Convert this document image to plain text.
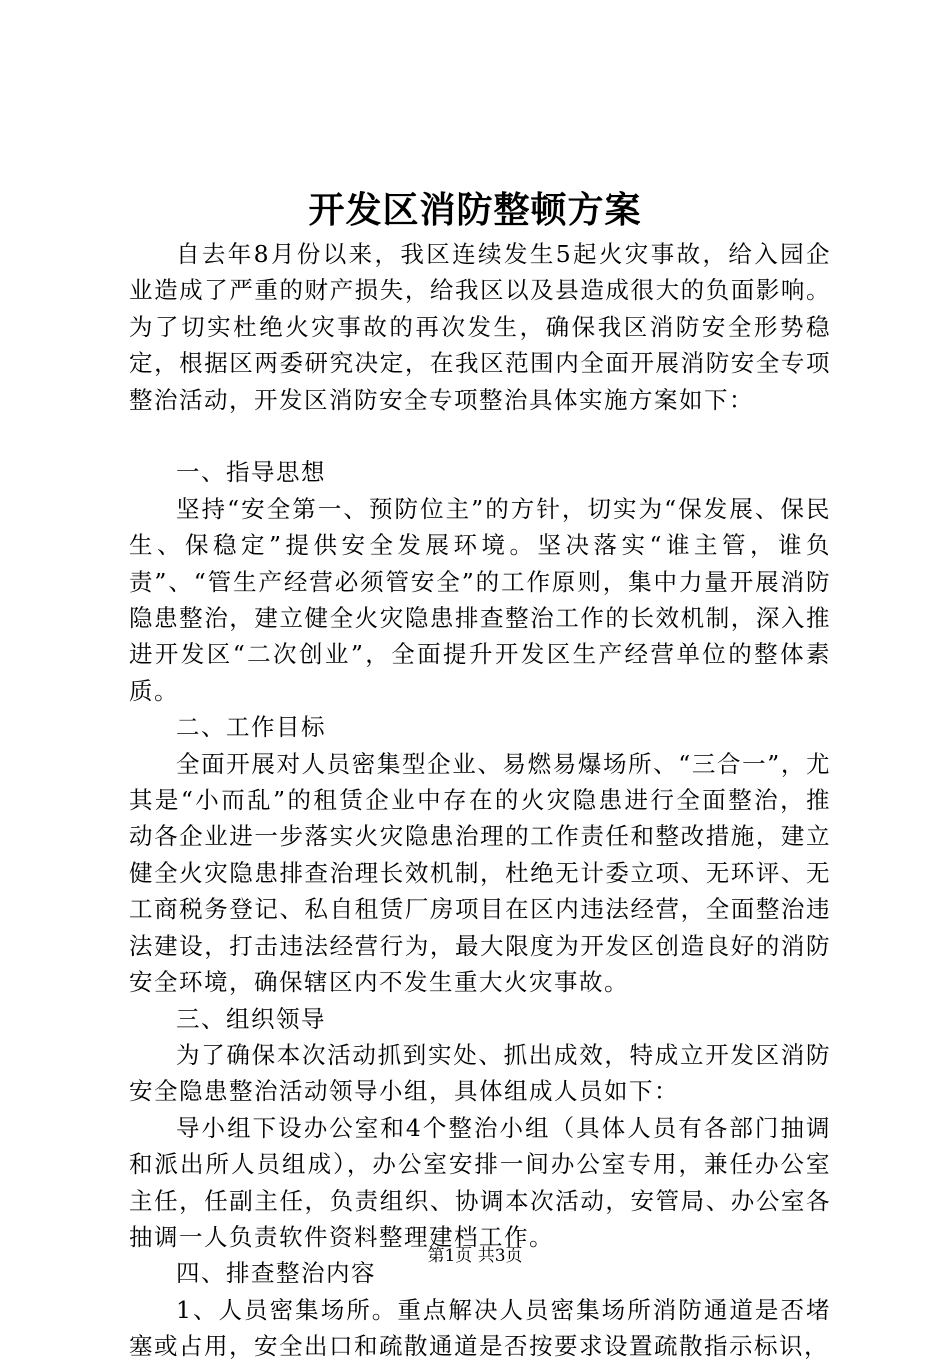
开发区消防整顿方案

自去年8月份以来，我区连续发生5起火灾事故，给入园企业造成了严重的财产损失，给我区以及县造成很大的负面影响。为了切实杜绝火灾事故的再次发生，确保我区消防安全形势稳定，根据区两委研究决定，在我区范围内全面开展消防安全专项整治活动，开发区消防安全专项整治具体实施方案如下：

一、指导思想

坚持“安全第一、预防位主”的方针，切实为“保发展、保民生、保稳定”提供安全发展环境。坚决落实“谁主管，谁负责”、“管生产经营必须管安全”的工作原则，集中力量开展消防隐患整治，建立健全火灾隐患排查整治工作的长效机制，深入推进开发区“二次创业”，全面提升开发区生产经营单位的整体素质。

二、工作目标

全面开展对人员密集型企业、易燃易爆场所、“三合一”，尤其是“小而乱”的租赁企业中存在的火灾隐患进行全面整治，推动各企业进一步落实火灾隐患治理的工作责任和整改措施，建立健全火灾隐患排查治理长效机制，杜绝无计委立项、无环评、无工商税务登记、私自租赁厂房项目在区内违法经营，全面整治违法建设，打击违法经营行为，最大限度为开发区创造良好的消防安全环境，确保辖区内不发生重大火灾事故。

三、组织领导

为了确保本次活动抓到实处、抓出成效，特成立开发区消防安全隐患整治活动领导小组，具体组成人员如下：

导小组下设办公室和4个整治小组（具体人员有各部门抽调和派出所人员组成），办公室安排一间办公室专用，兼任办公室主任，任副主任，负责组织、协调本次活动，安管局、办公室各抽调一人负责软件资料整理建档工作。

四、排查整治内容

1、人员密集场所。重点解决人员密集场所消防通道是否堵塞或占用，安全出口和疏散通道是否按要求设置疏散指示标识，

第1页 共3页
